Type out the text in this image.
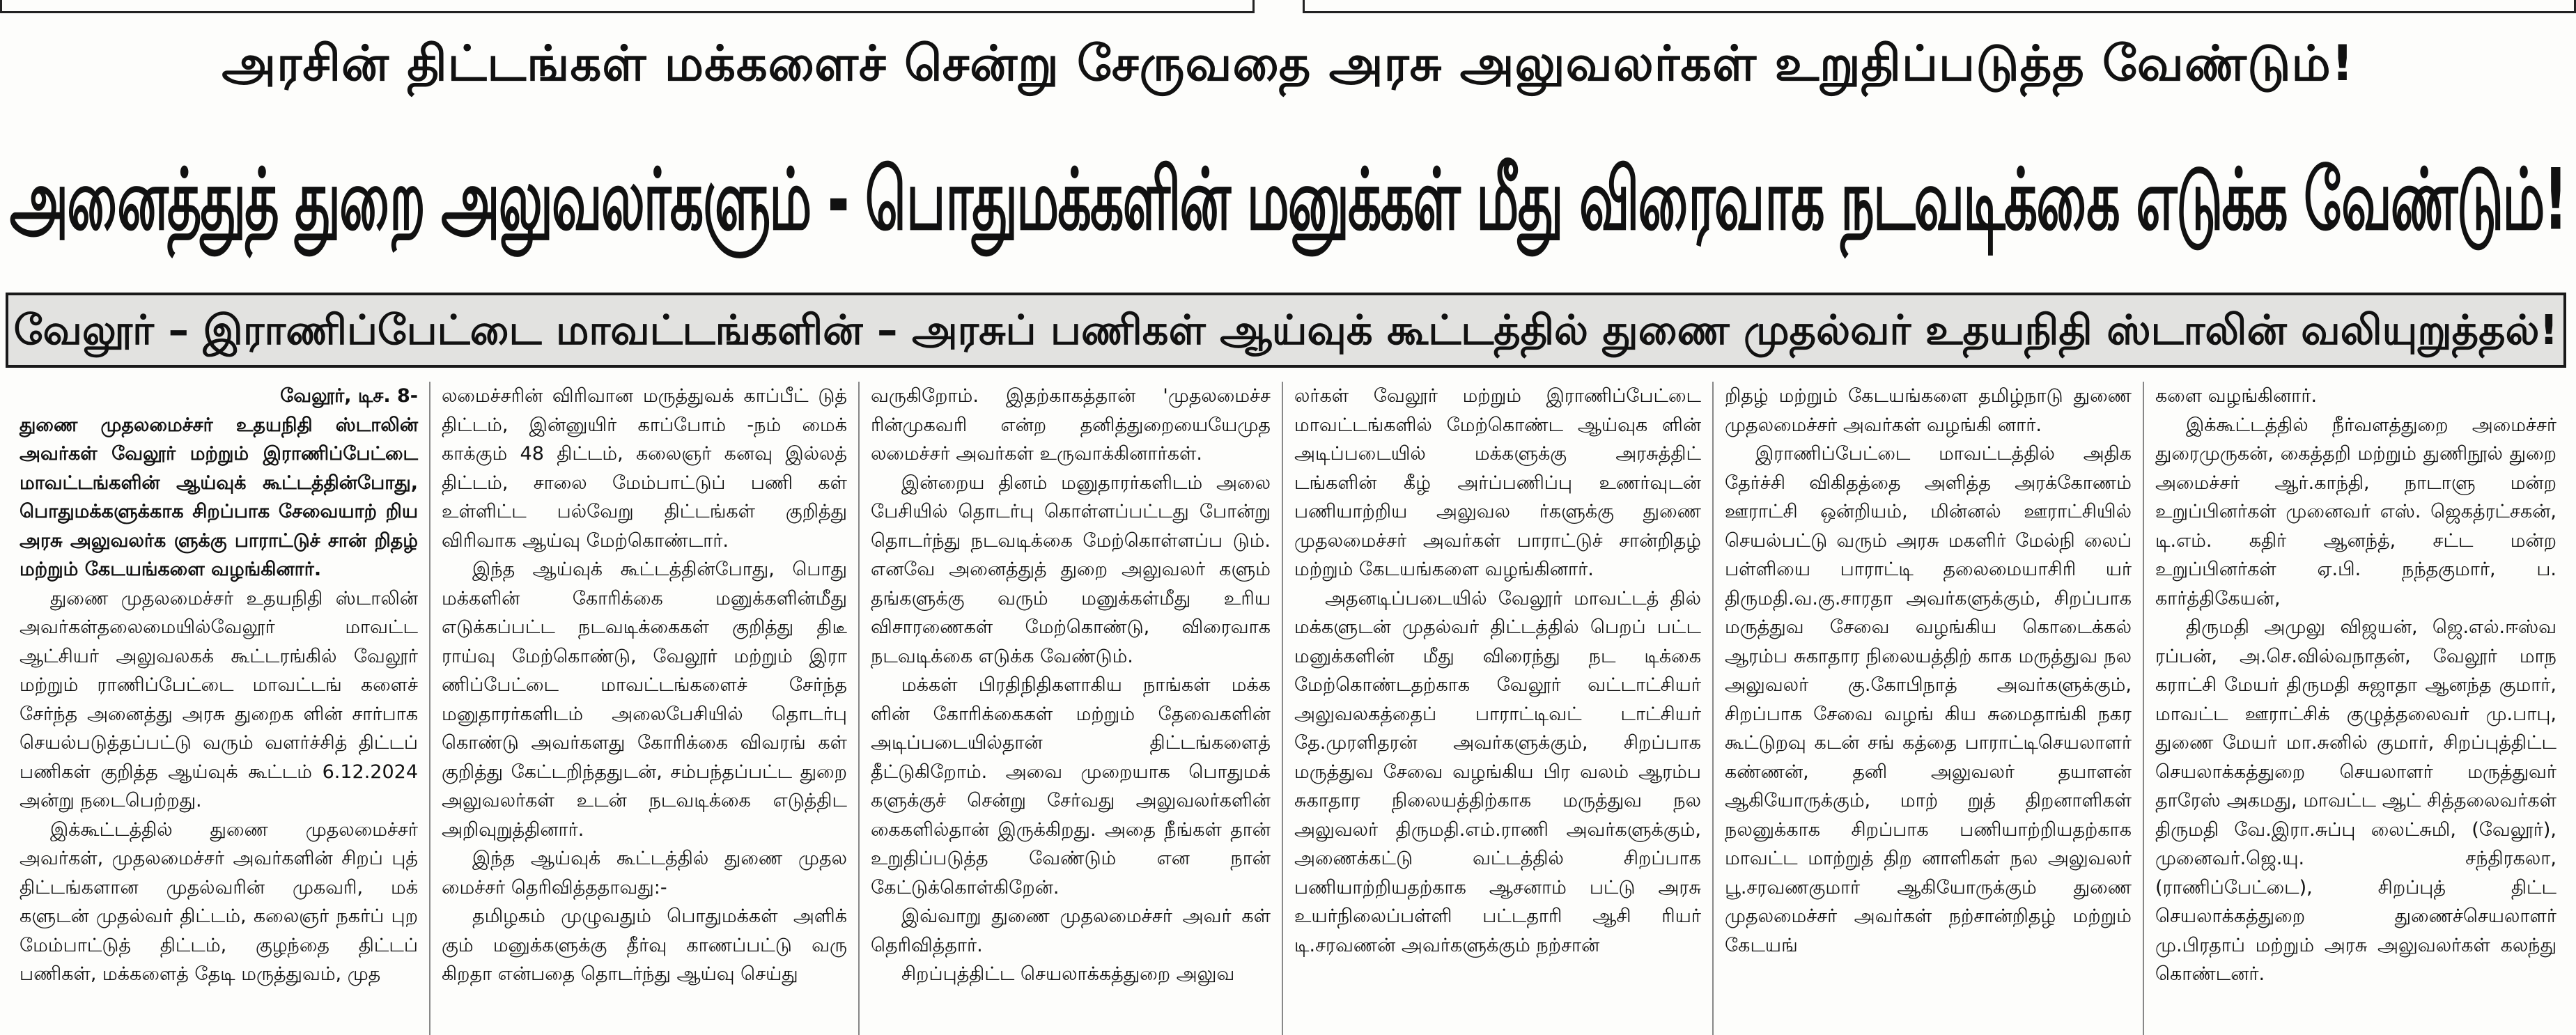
அரசின் திட்டங்கள் மக்களைச் சென்று சேருவதை அரசு அலுவலர்கள் உறுதிப்படுத்த வேண்டும்!
அனைத்துத் துறை அலுவலர்களும் - பொதுமக்களின் மனுக்கள் மீது விரைவாக நடவடிக்கை எடுக்க வேண்டும்!
வேலூர் – இராணிப்பேட்டை மாவட்டங்களின் – அரசுப் பணிகள் ஆய்வுக் கூட்டத்தில் துணை முதல்வர் உதயநிதி ஸ்டாலின் வலியுறுத்தல்!

வேலூர், டிச. 8-

துணை முதலமைச்சர் உதயநிதி ஸ்டாலின் அவர்கள் வேலூர் மற்றும் இராணிப்பேட்டை மாவட்டங்களின் ஆய்வுக் கூட்டத்தின்போது, பொதுமக்களுக்காக சிறப்பாக சேவையாற் றிய அரசு அலுவலர்க ளுக்கு பாராட்டுச் சான் றிதழ் மற்றும் கேடயங்களை வழங்கினார்.

துணை முதலமைச்சர் உதயநிதி ஸ்டாலின் அவர்கள்தலைமையில்வேலூர் மாவட்ட ஆட்சியர் அலுவலகக் கூட்டரங்கில் வேலூர் மற்றும் ராணிப்பேட்டை மாவட்டங் களைச் சேர்ந்த அனைத்து அரசு துறைக ளின் சார்பாக செயல்படுத்தப்பட்டு வரும் வளர்ச்சித் திட்டப் பணிகள் குறித்த ஆய்வுக் கூட்டம் 6.12.2024 அன்று நடைபெற்றது.

இக்கூட்டத்தில் துணை முதலமைச்சர் அவர்கள், முதலமைச்சர் அவர்களின் சிறப் புத் திட்டங்களான முதல்வரின் முகவரி, மக் களுடன் முதல்வர் திட்டம், கலைஞர் நகர்ப் புற மேம்பாட்டுத் திட்டம், குழந்தை திட்டப் பணிகள், மக்களைத் தேடி மருத்துவம், முத

லமைச்சரின் விரிவான மருத்துவக் காப்பீட் டுத் திட்டம், இன்னுயிர் காப்போம் -நம் மைக் காக்கும் 48 திட்டம், கலைஞர் கனவு இல்லத் திட்டம், சாலை மேம்பாட்டுப் பணி கள் உள்ளிட்ட பல்வேறு திட்டங்கள் குறித்து விரிவாக ஆய்வு மேற்கொண்டார்.

இந்த ஆய்வுக் கூட்டத்தின்போது, பொது மக்களின் கோரிக்கை மனுக்களின்மீது எடுக்கப்பட்ட நடவடிக்கைகள் குறித்து திடீ ராய்வு மேற்கொண்டு, வேலூர் மற்றும் இரா ணிப்பேட்டை மாவட்டங்களைச் சேர்ந்த மனுதாரர்களிடம் அலைபேசியில் தொடர்பு கொண்டு அவர்களது கோரிக்கை விவரங் கள் குறித்து கேட்டறிந்ததுடன், சம்பந்தப்பட்ட துறை அலுவலர்கள் உடன் நடவடிக்கை எடுத்திட அறிவுறுத்தினார்.

இந்த ஆய்வுக் கூட்டத்தில் துணை முதல மைச்சர் தெரிவித்ததாவது:-

தமிழகம் முழுவதும் பொதுமக்கள் அளிக் கும் மனுக்களுக்கு தீர்வு காணப்பட்டு வரு கிறதா என்பதை தொடர்ந்து ஆய்வு செய்து

வருகிறோம். இதற்காகத்தான் 'முதலமைச்ச ரின்முகவரி என்ற தனித்துறையையேமுத லமைச்சர் அவர்கள் உருவாக்கினார்கள்.

இன்றைய தினம் மனுதாரர்களிடம் அலை பேசியில் தொடர்பு கொள்ளப்பட்டது போன்று தொடர்ந்து நடவடிக்கை மேற்கொள்ளப்ப டும். எனவே அனைத்துத் துறை அலுவலர் களும் தங்களுக்கு வரும் மனுக்கள்மீது உரிய விசாரணைகள் மேற்கொண்டு, விரைவாக நடவடிக்கை எடுக்க வேண்டும்.

மக்கள் பிரதிநிதிகளாகிய நாங்கள் மக்க ளின் கோரிக்கைகள் மற்றும் தேவைகளின் அடிப்படையில்தான் திட்டங்களைத் தீட்டுகிறோம். அவை முறையாக பொதுமக் களுக்குச் சென்று சேர்வது அலுவலர்களின் கைகளில்தான் இருக்கிறது. அதை நீங்கள் தான் உறுதிப்படுத்த வேண்டும் என நான் கேட்டுக்கொள்கிறேன்.

இவ்வாறு துணை முதலமைச்சர் அவர் கள் தெரிவித்தார்.

சிறப்புத்திட்ட செயலாக்கத்துறை அலுவ

லர்கள் வேலூர் மற்றும் இராணிப்பேட்டை மாவட்டங்களில் மேற்கொண்ட ஆய்வுக ளின் அடிப்படையில் மக்களுக்கு அரசுத்திட் டங்களின் கீழ் அர்ப்பணிப்பு உணர்வுடன் பணியாற்றிய அலுவல ர்களுக்கு துணை முதலமைச்சர் அவர்கள் பாராட்டுச் சான்றிதழ் மற்றும் கேடயங்களை வழங்கினார்.

அதனடிப்படையில் வேலூர் மாவட்டத் தில் மக்களுடன் முதல்வர் திட்டத்தில் பெறப் பட்ட மனுக்களின் மீது விரைந்து நட டிக்கை மேற்கொண்டதற்காக வேலூர் வட்டாட்சியர் அலுவலகத்தைப் பாராட்டிவட் டாட்சியர் தே.முரளிதரன் அவர்களுக்கும், சிறப்பாக மருத்துவ சேவை வழங்கிய பிர வலம் ஆரம்ப சுகாதார நிலையத்திற்காக மருத்துவ நல அலுவலர் திருமதி.எம்.ராணி அவர்களுக்கும், அணைக்கட்டு வட்டத்தில் சிறப்பாக பணியாற்றியதற்காக ஆசனாம் பட்டு அரசு உயர்நிலைப்பள்ளி பட்டதாரி ஆசி ரியர் டி.சரவணன் அவர்களுக்கும் நற்சான்

றிதழ் மற்றும் கேடயங்களை தமிழ்நாடு துணை முதலமைச்சர் அவர்கள் வழங்கி னார்.

இராணிப்பேட்டை மாவட்டத்தில் அதிக தேர்ச்சி விகிதத்தை அளித்த அரக்கோணம் ஊராட்சி ஒன்றியம், மின்னல் ஊராட்சியில் செயல்பட்டு வரும் அரசு மகளிர் மேல்நி லைப் பள்ளியை பாராட்டி தலைமையாசிரி யர் திருமதி.வ.கு.சாரதா அவர்களுக்கும், சிறப்பாக மருத்துவ சேவை வழங்கிய கொடைக்கல் ஆரம்ப சுகாதார நிலையத்திற் காக மருத்துவ நல அலுவலர் கு.கோபிநாத் அவர்களுக்கும், சிறப்பாக சேவை வழங் கிய சுமைதாங்கி நகர கூட்டுறவு கடன் சங் கத்தை பாராட்டிசெயலாளர் கண்ணன், தனி அலுவலர் தயாளன் ஆகியோருக்கும், மாற் றுத் திறனாளிகள் நலனுக்காக சிறப்பாக பணியாற்றியதற்காக மாவட்ட மாற்றுத் திற னாளிகள் நல அலுவலர் பூ.சரவணகுமார் ஆகியோருக்கும் துணை முதலமைச்சர் அவர்கள் நற்சான்றிதழ் மற்றும் கேடயங்

களை வழங்கினார்.

இக்கூட்டத்தில் நீர்வளத்துறை அமைச்சர் துரைமுருகன், கைத்தறி மற்றும் துணிநூல் துறை அமைச்சர் ஆர்.காந்தி, நாடாளு மன்ற உறுப்பினர்கள் முனைவர் எஸ். ஜெகத்ரட்சகன், டி.எம். கதிர் ஆனந்த், சட்ட மன்ற உறுப்பினர்கள் ஏ.பி. நந்தகுமார், ப. கார்த்திகேயன்,

திருமதி அமுலு விஜயன், ஜெ.எல்.ஈஸ்வ ரப்பன், அ.செ.வில்வநாதன், வேலூர் மாந கராட்சி மேயர் திருமதி சுஜாதா ஆனந்த குமார், மாவட்ட ஊராட்சிக் குழுத்தலைவர் மு.பாபு, துணை மேயர் மா.சுனில் குமார், சிறப்புத்திட்ட செயலாக்கத்துறை செயலாளர் மருத்துவர் தாரேஸ் அகமது, மாவட்ட ஆட் சித்தலைவர்கள் திருமதி வே.இரா.சுப்பு லைட்சுமி, (வேலூர்), முனைவர்.ஜெ.யு. சந்திரகலா, (ராணிப்பேட்டை), சிறப்புத் திட்ட செயலாக்கத்துறை துணைச்செயலாளர் மு.பிரதாப் மற்றும் அரசு அலுவலர்கள் கலந்து கொண்டனர்.
